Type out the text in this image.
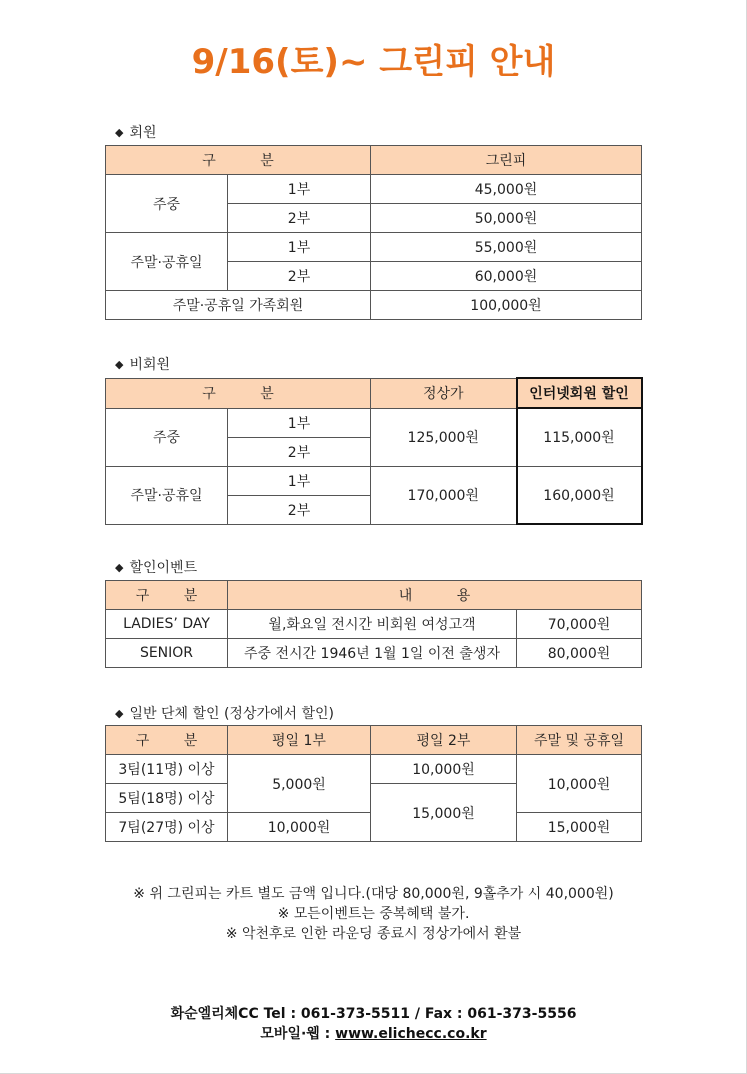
9/16(토)~ 그린피 안내
◆ 회원
구 분		그린피
주중	1부	45,000원
	2부	50,000원
주말·공휴일	1부	55,000원
	2부	60,000원
주말·공휴일 가족회원		100,000원
◆ 비회원
구 분		정상가	인터넷회원 할인
주중	1부	125,000원	115,000원
	2부		
주말·공휴일	1부	170,000원	160,000원
	2부		
◆ 할인이벤트
구 분	내 용	
LADIES’ DAY	월,화요일 전시간 비회원 여성고객	70,000원
SENIOR	주중 전시간 1946년 1월 1일 이전 출생자	80,000원
◆ 일반 단체 할인 (정상가에서 할인)
구 분	평일 1부	평일 2부	주말 및 공휴일
3팀(11명) 이상	5,000원	10,000원	10,000원
5팀(18명) 이상		15,000원	
7팀(27명) 이상	10,000원		15,000원
※ 위 그린피는 카트 별도 금액 입니다.(대당 80,000원, 9홀추가 시 40,000원)
※ 모든이벤트는 중복혜택 불가.
※ 악천후로 인한 라운딩 종료시 정상가에서 환불
화순엘리체CC Tel : 061-373-5511 / Fax : 061-373-5556
모바일·웹 : www.elichecc.co.kr
